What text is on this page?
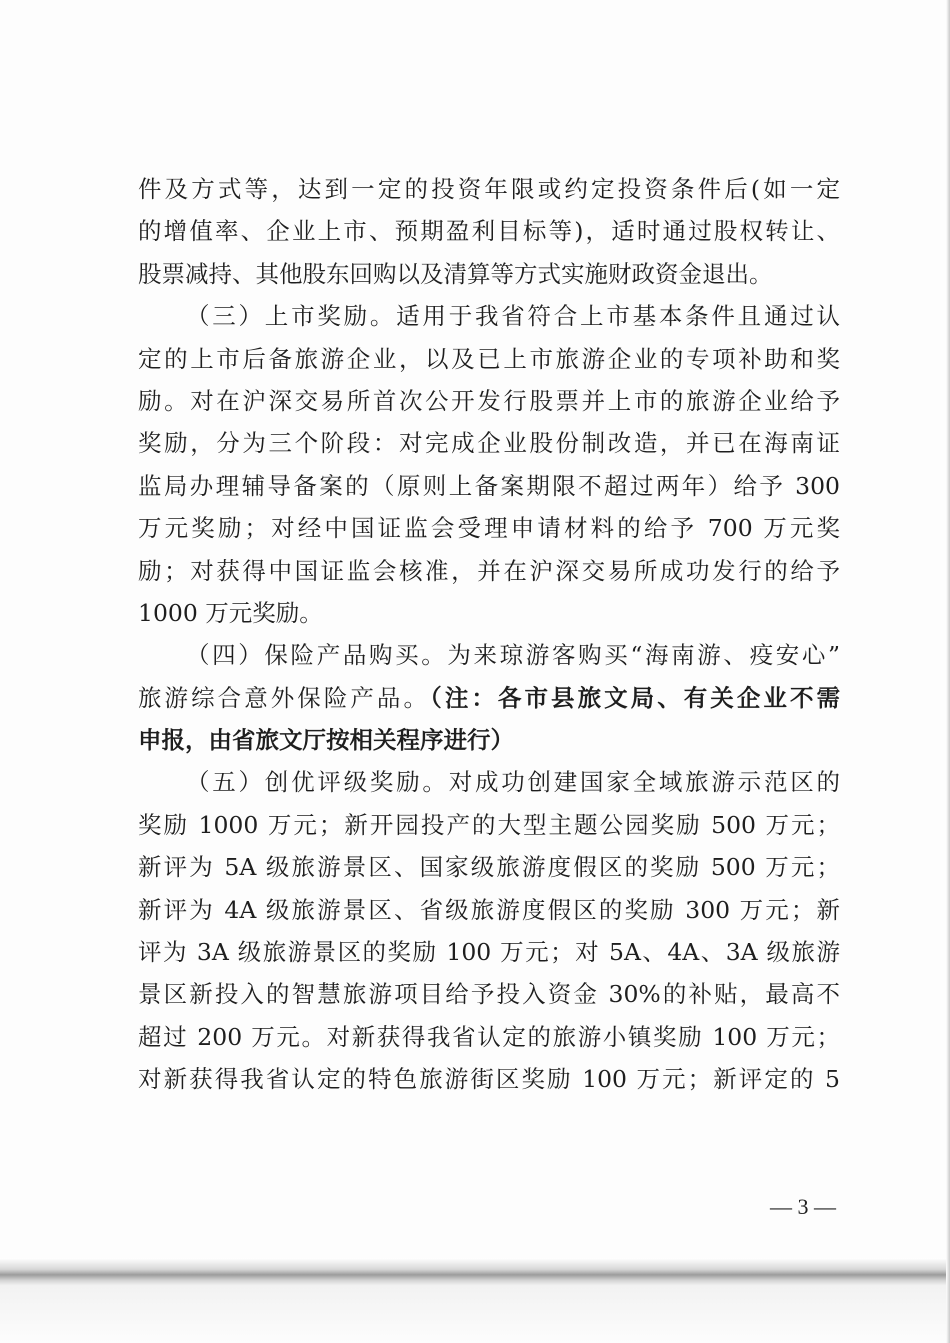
件及方式等，达到一定的投资年限或约定投资条件后(如一定
的增值率、企业上市、预期盈利目标等)，适时通过股权转让、
股票减持、其他股东回购以及清算等方式实施财政资金退出。
（三）上市奖励。适用于我省符合上市基本条件且通过认
定的上市后备旅游企业，以及已上市旅游企业的专项补助和奖
励。对在沪深交易所首次公开发行股票并上市的旅游企业给予
奖励，分为三个阶段：对完成企业股份制改造，并已在海南证
监局办理辅导备案的（原则上备案期限不超过两年）给予 300
万元奖励；对经中国证监会受理申请材料的给予 700 万元奖
励；对获得中国证监会核准，并在沪深交易所成功发行的给予
1000 万元奖励。
（四）保险产品购买。为来琼游客购买“海南游、疫安心”
旅游综合意外保险产品。（注：各市县旅文局、有关企业不需
申报，由省旅文厅按相关程序进行）
（五）创优评级奖励。对成功创建国家全域旅游示范区的
奖励 1000 万元；新开园投产的大型主题公园奖励 500 万元；
新评为 5A 级旅游景区、国家级旅游度假区的奖励 500 万元；
新评为 4A 级旅游景区、省级旅游度假区的奖励 300 万元；新
评为 3A 级旅游景区的奖励 100 万元；对 5A、4A、3A 级旅游
景区新投入的智慧旅游项目给予投入资金 30%的补贴，最高不
超过 200 万元。对新获得我省认定的旅游小镇奖励 100 万元；
对新获得我省认定的特色旅游街区奖励 100 万元；新评定的 5
— 3 —
